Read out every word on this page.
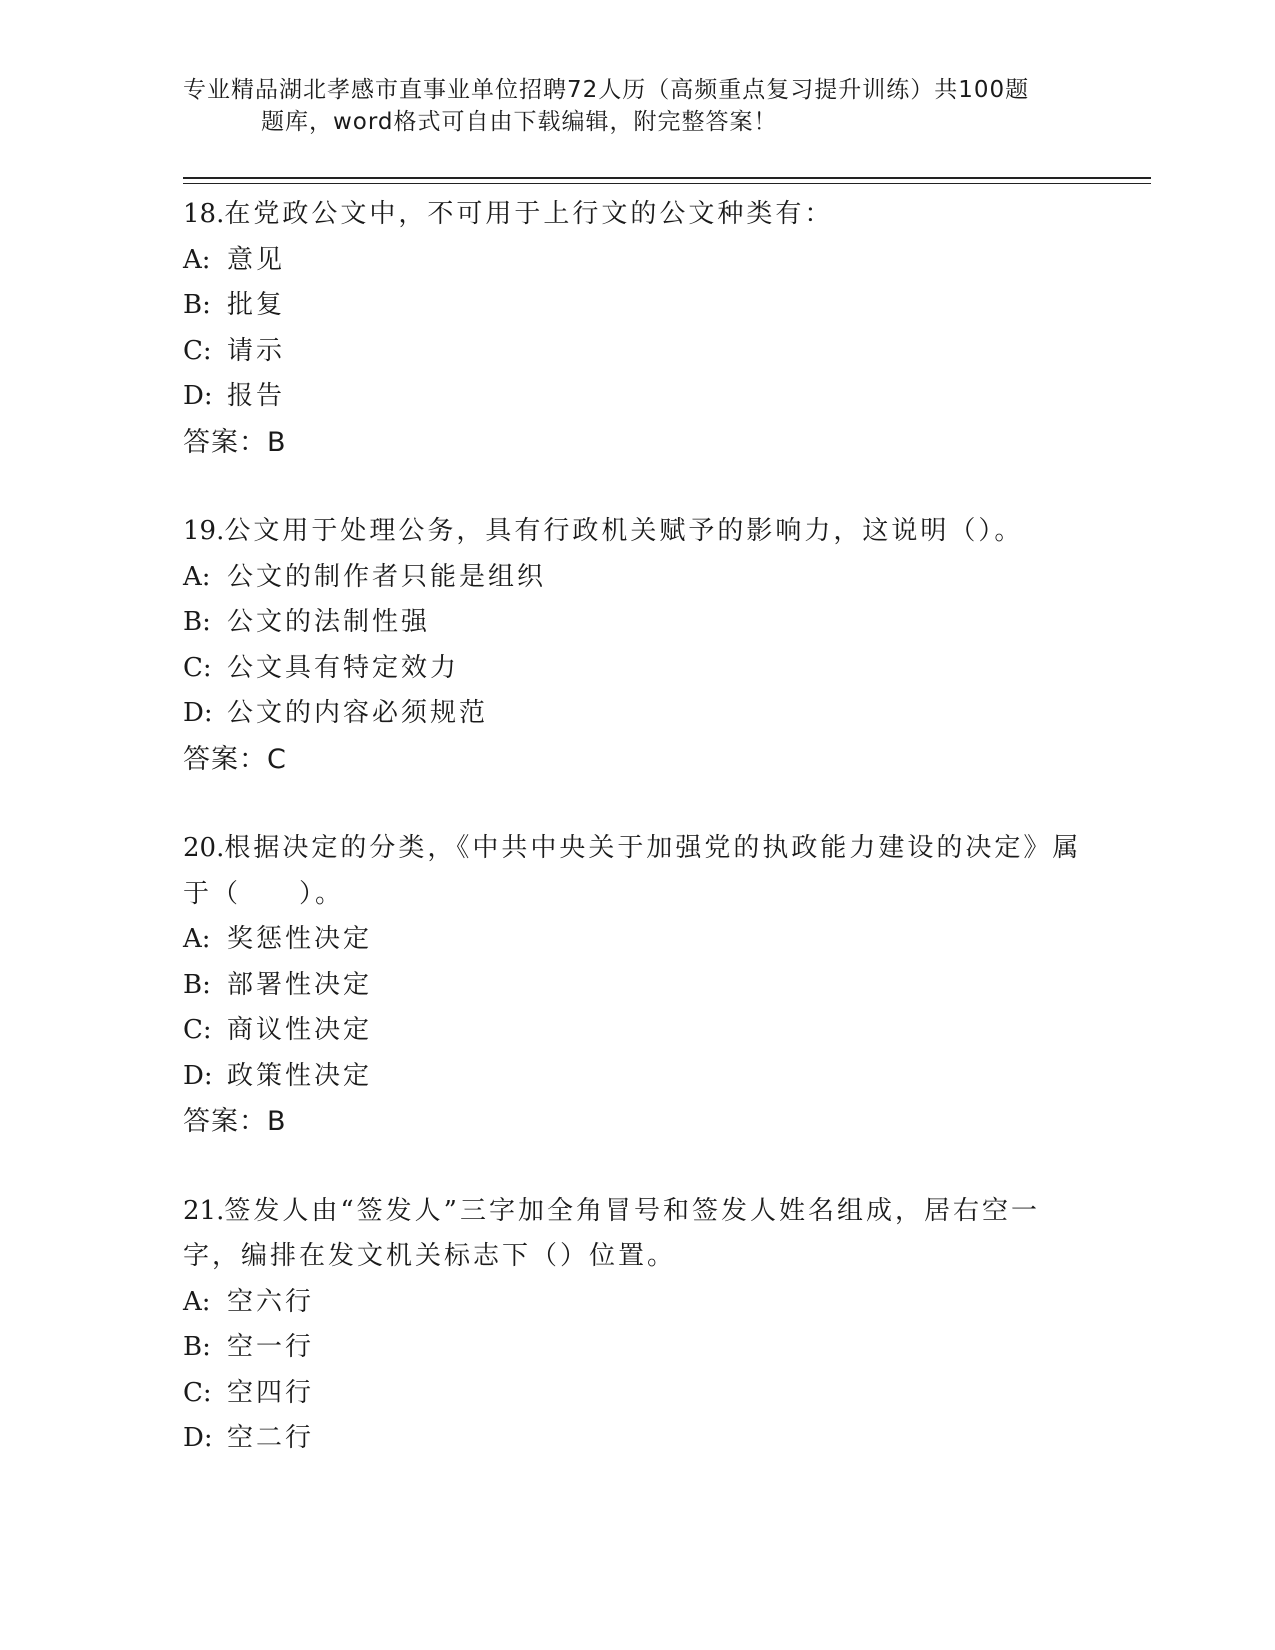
专业精品湖北孝感市直事业单位招聘72人历（高频重点复习提升训练）共100题
题库，word格式可自由下载编辑，附完整答案！
18.在党政公文中，不可用于上行文的公文种类有：
A: 意见
B: 批复
C: 请示
D: 报告
答案：B
19.公文用于处理公务，具有行政机关赋予的影响力，这说明（）。
A: 公文的制作者只能是组织
B: 公文的法制性强
C: 公文具有特定效力
D: 公文的内容必须规范
答案：C
20.根据决定的分类，《中共中央关于加强党的执政能力建设的决定》属于（　　）。
A: 奖惩性决定
B: 部署性决定
C: 商议性决定
D: 政策性决定
答案：B
21.签发人由“签发人”三字加全角冒号和签发人姓名组成，居右空一字，编排在发文机关标志下（）位置。
A: 空六行
B: 空一行
C: 空四行
D: 空二行
